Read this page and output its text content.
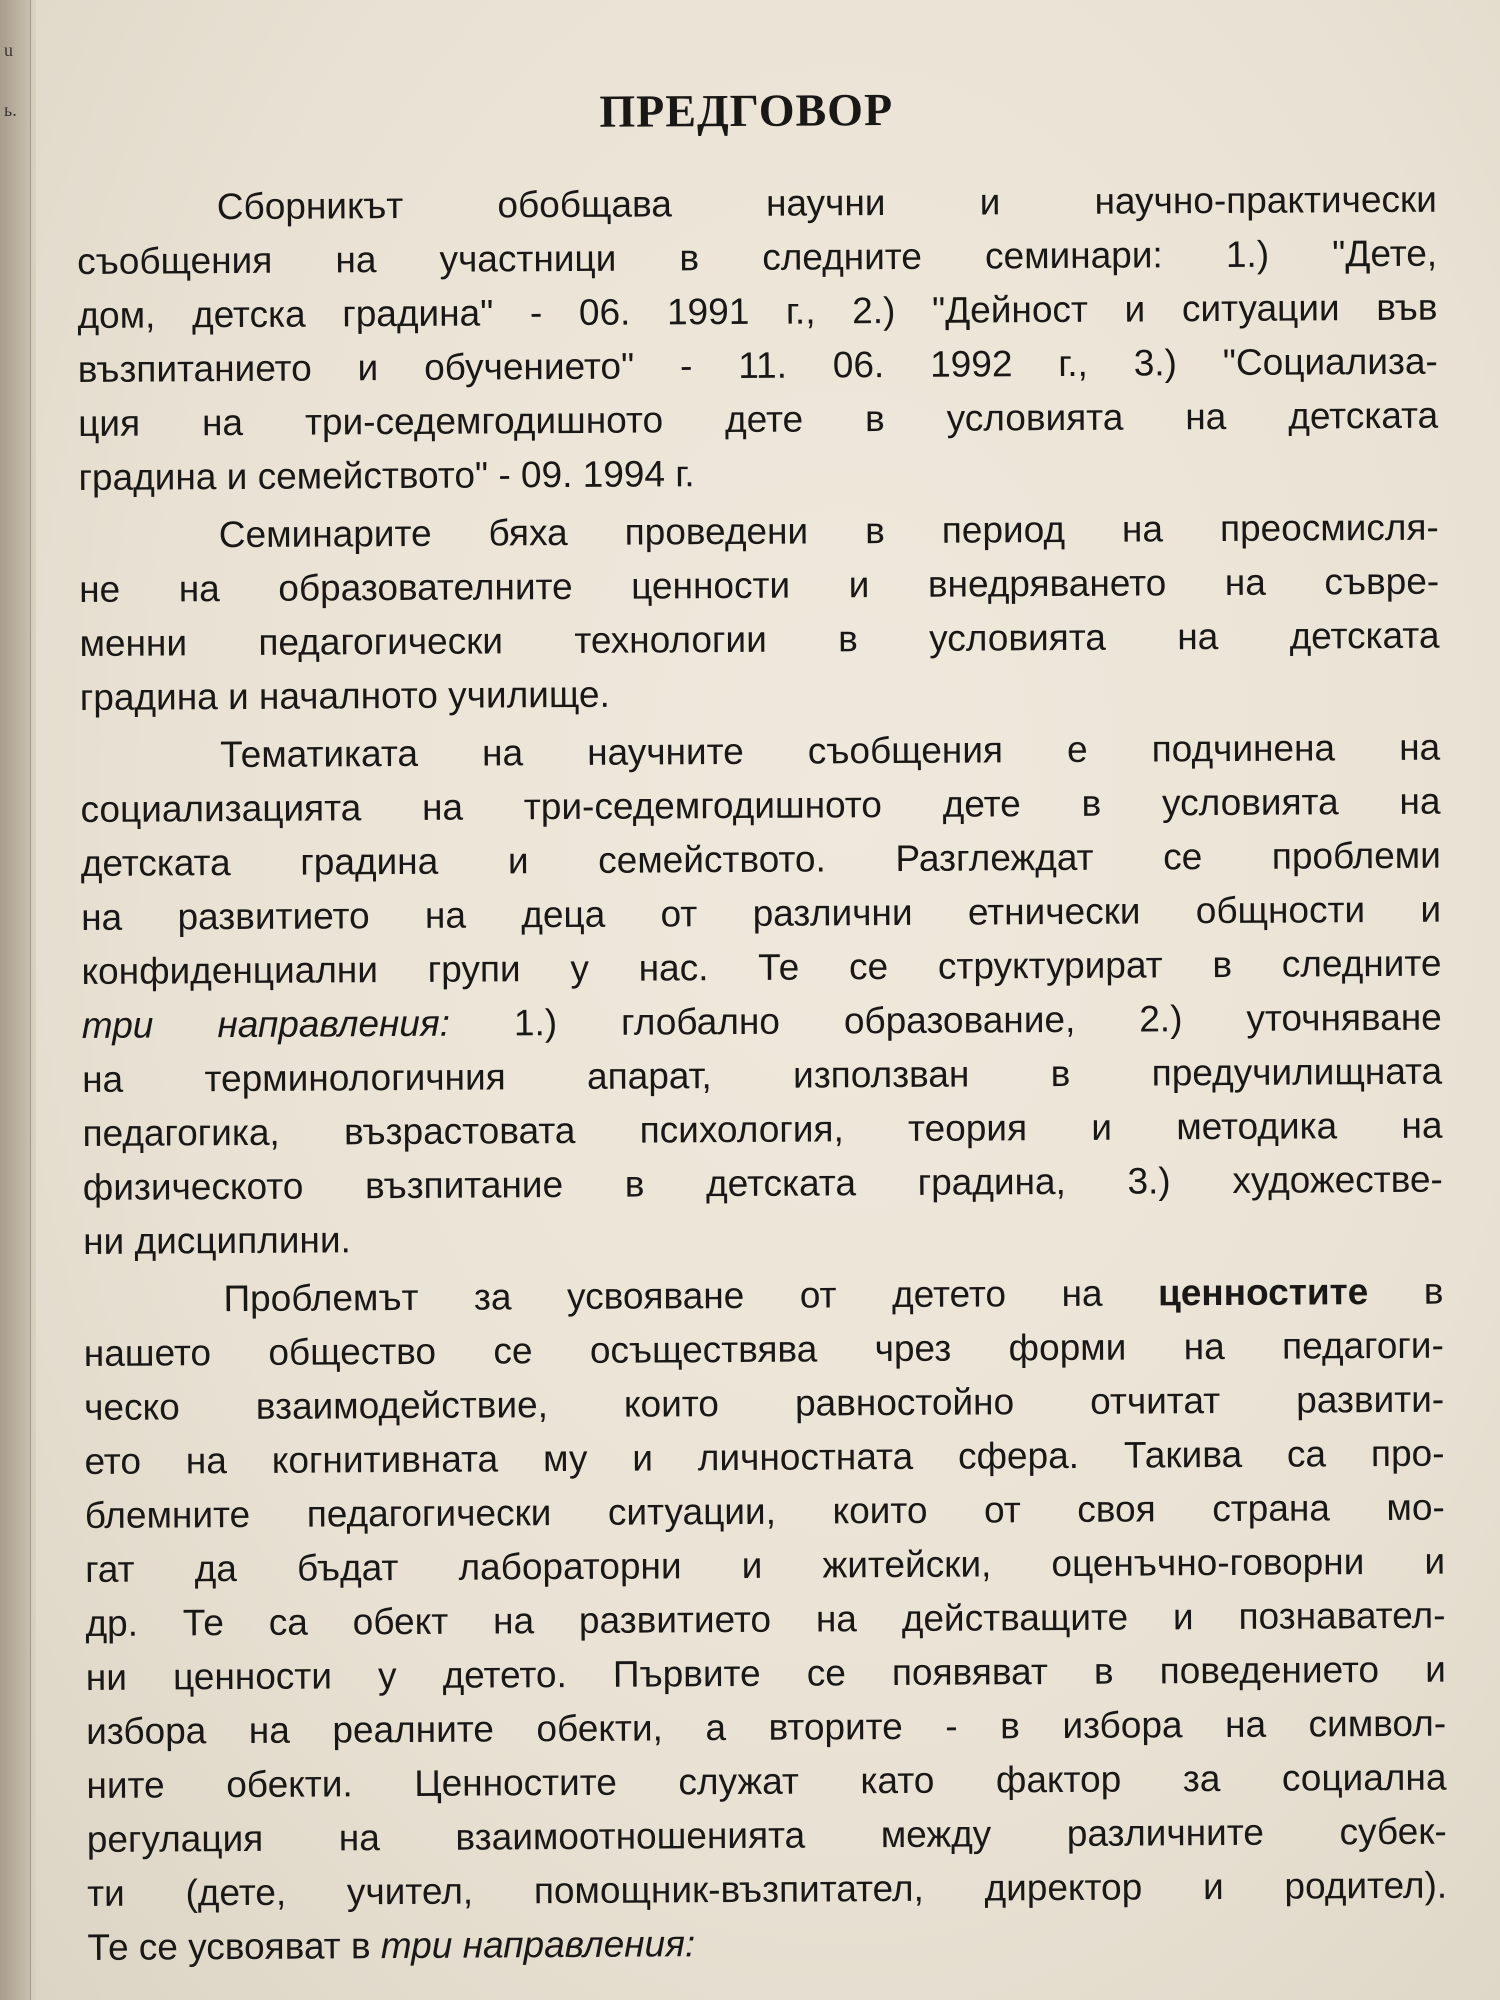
u
ь.	ПРЕДГОВОР
Сборникът обобщава научни и научно-практически
съобщения на участници в следните семинари: 1.) "Дете,
дом, детска градина" - 06. 1991 г., 2.) "Дейност и ситуации във
възпитанието и обучението" - 11. 06. 1992 г., 3.) "Социализа-
ция на три-седемгодишното дете в условията на детската
градина и семейството" - 09. 1994 г.
Семинарите бяха проведени в период на преосмисля-
не на образователните ценности и внедряването на съвре-
менни педагогически технологии в условията на детската
градина и началното училище.
Тематиката на научните съобщения е подчинена на
социализацията на три-седемгодишното дете в условията на
детската градина и семейството. Разглеждат се проблеми
на развитието на деца от различни етнически общности и
конфиденциални групи у нас. Те се структурират в следните
три направления: 1.) глобално образование, 2.) уточняване
на терминологичния апарат, използван в предучилищната
педагогика, възрастовата психология, теория и методика на
физическото възпитание в детската градина, 3.) художестве-
ни дисциплини.
Проблемът за усвояване от детето на ценностите в
нашето общество се осъществява чрез форми на педагоги-
ческо взаимодействие, които равностойно отчитат развити-
ето на когнитивната му и личностната сфера. Такива са про-
блемните педагогически ситуации, които от своя страна мо-
гат да бъдат лабораторни и житейски, оценъчно-говорни и
др. Те са обект на развитието на действащите и познавател-
ни ценности у детето. Първите се появяват в поведението и
избора на реалните обекти, а вторите - в избора на символ-
ните обекти. Ценностите служат като фактор за социална
регулация на взаимоотношенията между различните субек-
ти (дете, учител, помощник-възпитател, директор и родител).
Те се усвояват в три направления:
